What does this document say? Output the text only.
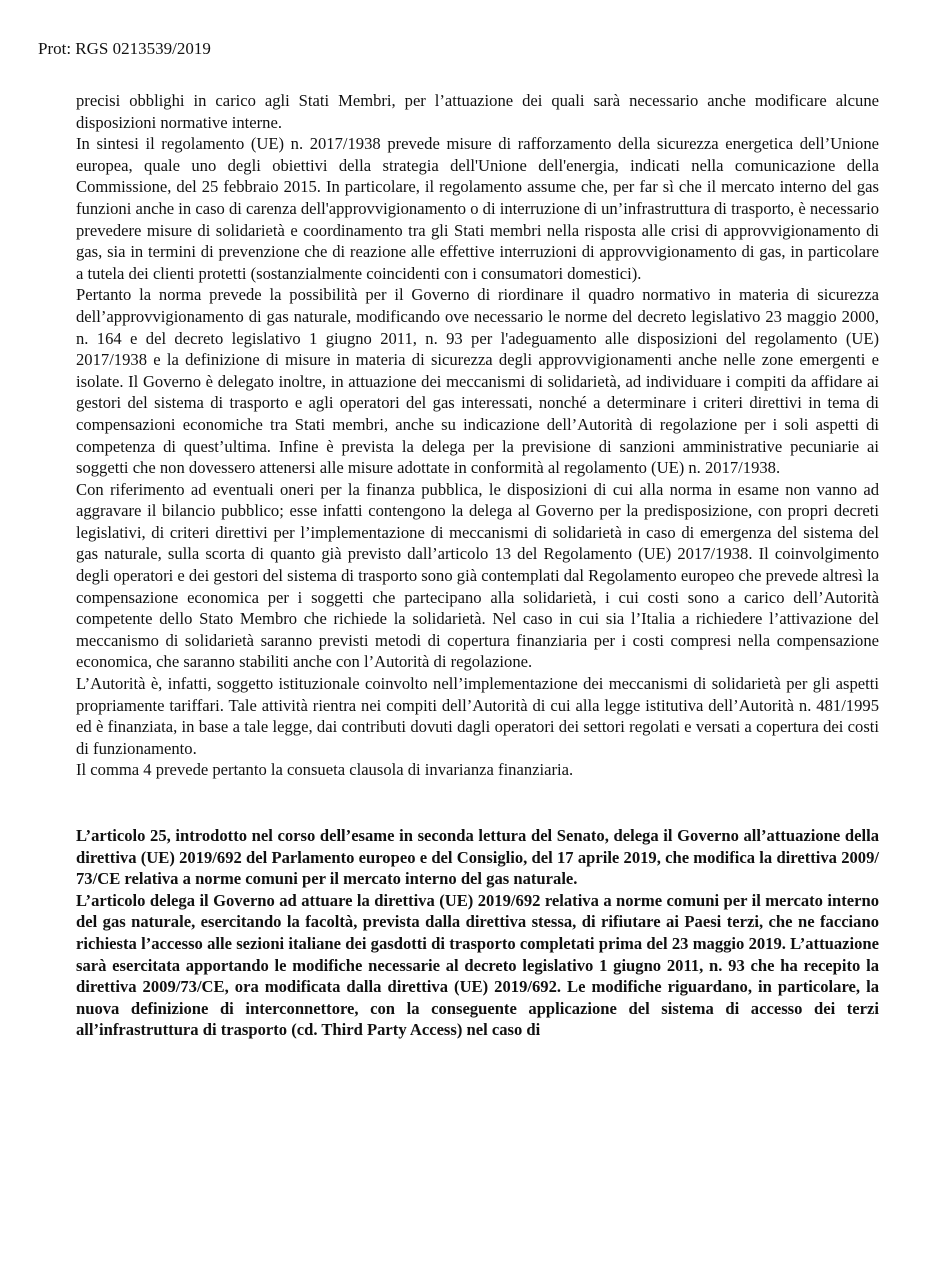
Prot: RGS 0213539/2019

precisi obblighi in carico agli Stati Membri, per l’attuazione dei quali sarà necessario anche modificare alcune disposizioni normative interne.

In sintesi il regolamento (UE) n. 2017/1938 prevede misure di rafforzamento della sicurezza energetica dell’Unione europea, quale uno degli obiettivi della strategia dell'Unione dell'energia, indicati nella comunicazione della Commissione, del 25 febbraio 2015. In particolare, il regolamento assume che, per far sì che il mercato interno del gas funzioni anche in caso di carenza dell'approvvigionamento o di interruzione di un’infrastruttura di trasporto, è necessario prevedere misure di solidarietà e coordinamento tra gli Stati membri nella risposta alle crisi di approvvigionamento di gas, sia in termini di prevenzione che di reazione alle effettive interruzioni di approvvigionamento di gas, in particolare a tutela dei clienti protetti (sostanzialmente coincidenti con i consumatori domestici).

Pertanto la norma prevede la possibilità per il Governo di riordinare il quadro normativo in materia di sicurezza dell’approvvigionamento di gas naturale, modificando ove necessario le norme del decreto legislativo 23 maggio 2000, n. 164 e del decreto legislativo 1 giugno 2011, n. 93 per l'adeguamento alle disposizioni del regolamento (UE) 2017/1938 e la definizione di misure in materia di sicurezza degli approvvigionamenti anche nelle zone emergenti e isolate. Il Governo è delegato inoltre, in attuazione dei meccanismi di solidarietà, ad individuare i compiti da affidare ai gestori del sistema di trasporto e agli operatori del gas interessati, nonché a determinare i criteri direttivi in tema di compensazioni economiche tra Stati membri, anche su indicazione dell’Autorità di regolazione per i soli aspetti di competenza di quest’ultima. Infine è prevista la delega per la previsione di sanzioni amministrative pecuniarie ai soggetti che non dovessero attenersi alle misure adottate in conformità al regolamento (UE) n. 2017/1938.

Con riferimento ad eventuali oneri per la finanza pubblica, le disposizioni di cui alla norma in esame non vanno ad aggravare il bilancio pubblico; esse infatti contengono la delega al Governo per la predisposizione, con propri decreti legislativi, di criteri direttivi per l’implementazione di meccanismi di solidarietà in caso di emergenza del sistema del gas naturale, sulla scorta di quanto già previsto dall’articolo 13 del Regolamento (UE) 2017/1938. Il coinvolgimento degli operatori e dei gestori del sistema di trasporto sono già contemplati dal Regolamento europeo che prevede altresì la compensazione economica per i soggetti che partecipano alla solidarietà, i cui costi sono a carico dell’Autorità competente dello Stato Membro che richiede la solidarietà. Nel caso in cui sia l’Italia a richiedere l’attivazione del meccanismo di solidarietà saranno previsti metodi di copertura finanziaria per i costi compresi nella compensazione economica, che saranno stabiliti anche con l’Autorità di regolazione.

L’Autorità è, infatti, soggetto istituzionale coinvolto nell’implementazione dei meccanismi di solidarietà per gli aspetti propriamente tariffari. Tale attività rientra nei compiti dell’Autorità di cui alla legge istitutiva dell’Autorità n. 481/1995 ed è finanziata, in base a tale legge, dai contributi dovuti dagli operatori dei settori regolati e versati a copertura dei costi di funzionamento.

Il comma 4 prevede pertanto la consueta clausola di invarianza finanziaria.

L’articolo 25, introdotto nel corso dell’esame in seconda lettura del Senato, delega il Governo all’attuazione della direttiva (UE) 2019/692 del Parlamento europeo e del Consiglio, del 17 aprile 2019, che modifica la direttiva 2009/ 73/CE relativa a norme comuni per il mercato interno del gas naturale.

L’articolo delega il Governo ad attuare la direttiva (UE) 2019/692 relativa a norme comuni per il mercato interno del gas naturale, esercitando la facoltà, prevista dalla direttiva stessa, di rifiutare ai Paesi terzi, che ne facciano richiesta l’accesso alle sezioni italiane dei gasdotti di trasporto completati prima del 23 maggio 2019. L’attuazione sarà esercitata apportando le modifiche necessarie al decreto legislativo 1 giugno 2011, n. 93 che ha recepito la direttiva 2009/73/CE, ora modificata dalla direttiva (UE) 2019/692. Le modifiche riguardano, in particolare, la nuova definizione di interconnettore, con la conseguente applicazione del sistema di accesso dei terzi all’infrastruttura di trasporto (cd. Third Party Access) nel caso di
